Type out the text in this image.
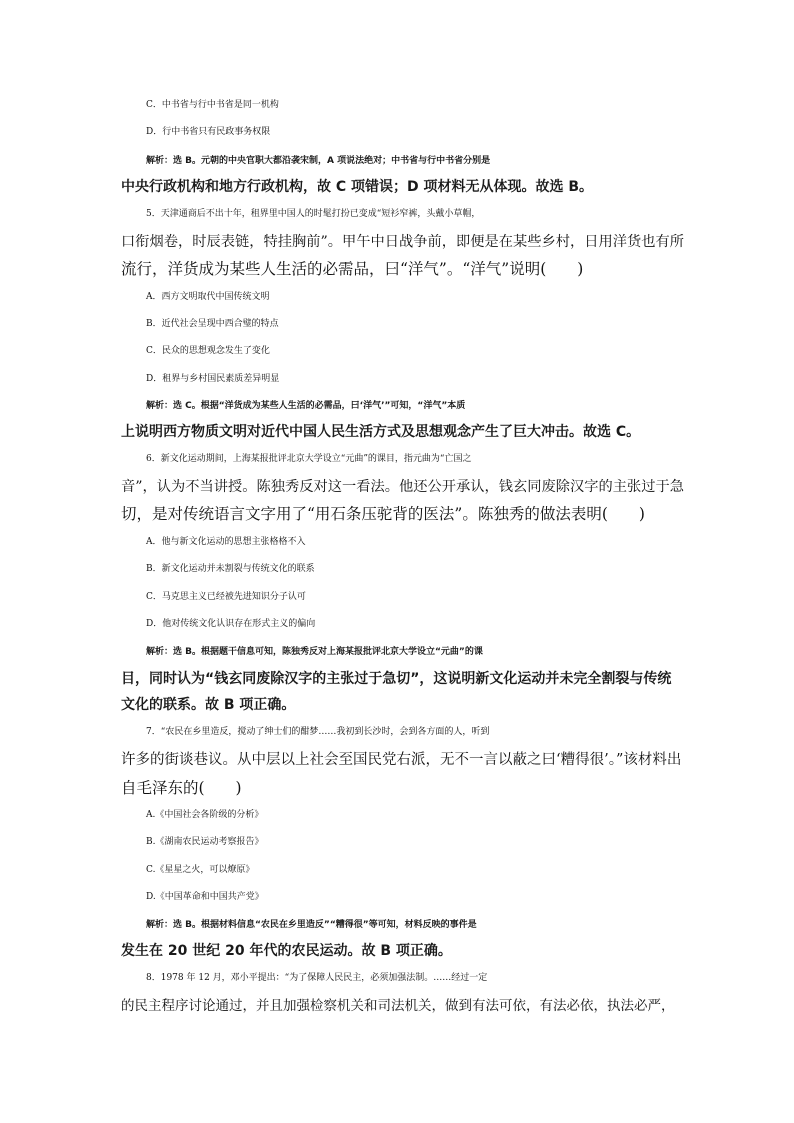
C．中书省与行中书省是同一机构
D．行中书省只有民政事务权限
解析：选 B。元朝的中央官职大都沿袭宋制，A 项说法绝对；中书省与行中书省分别是
中央行政机构和地方行政机构，故 C 项错误；D 项材料无从体现。故选 B。
5．天津通商后不出十年，租界里中国人的时髦打扮已变成“短衫窄裤，头戴小草帽，
口衔烟卷，时辰表链，特挂胸前”。甲午中日战争前，即便是在某些乡村，日用洋货也有所
流行，洋货成为某些人生活的必需品，曰“洋气”。“洋气”说明(　　)
A．西方文明取代中国传统文明
B．近代社会呈现中西合璧的特点
C．民众的思想观念发生了变化
D．租界与乡村国民素质差异明显
解析：选 C。根据“洋货成为某些人生活的必需品，曰‘洋气’”可知，“洋气”本质
上说明西方物质文明对近代中国人民生活方式及思想观念产生了巨大冲击。故选 C。
6．新文化运动期间，上海某报批评北京大学设立“元曲”的课目，指元曲为“亡国之
音”，认为不当讲授。陈独秀反对这一看法。他还公开承认，钱玄同废除汉字的主张过于急
切，是对传统语言文字用了“用石条压驼背的医法”。陈独秀的做法表明(　　)
A．他与新文化运动的思想主张格格不入
B．新文化运动并未割裂与传统文化的联系
C．马克思主义已经被先进知识分子认可
D．他对传统文化认识存在形式主义的偏向
解析：选 B。根据题干信息可知，陈独秀反对上海某报批评北京大学设立“元曲”的课
目，同时认为“钱玄同废除汉字的主张过于急切”，这说明新文化运动并未完全割裂与传统
文化的联系。故 B 项正确。
7．“农民在乡里造反，搅动了绅士们的酣梦……我初到长沙时，会到各方面的人，听到
许多的街谈巷议。从中层以上社会至国民党右派，无不一言以蔽之曰‘糟得很’。”该材料出
自毛泽东的(　　)
A.《中国社会各阶级的分析》
B.《湖南农民运动考察报告》
C.《星星之火，可以燎原》
D.《中国革命和中国共产党》
解析：选 B。根据材料信息“农民在乡里造反”“糟得很”等可知，材料反映的事件是
发生在 20 世纪 20 年代的农民运动。故 B 项正确。
8．1978 年 12 月，邓小平提出：“为了保障人民民主，必须加强法制。……经过一定
的民主程序讨论通过，并且加强检察机关和司法机关，做到有法可依，有法必依，执法必严，
